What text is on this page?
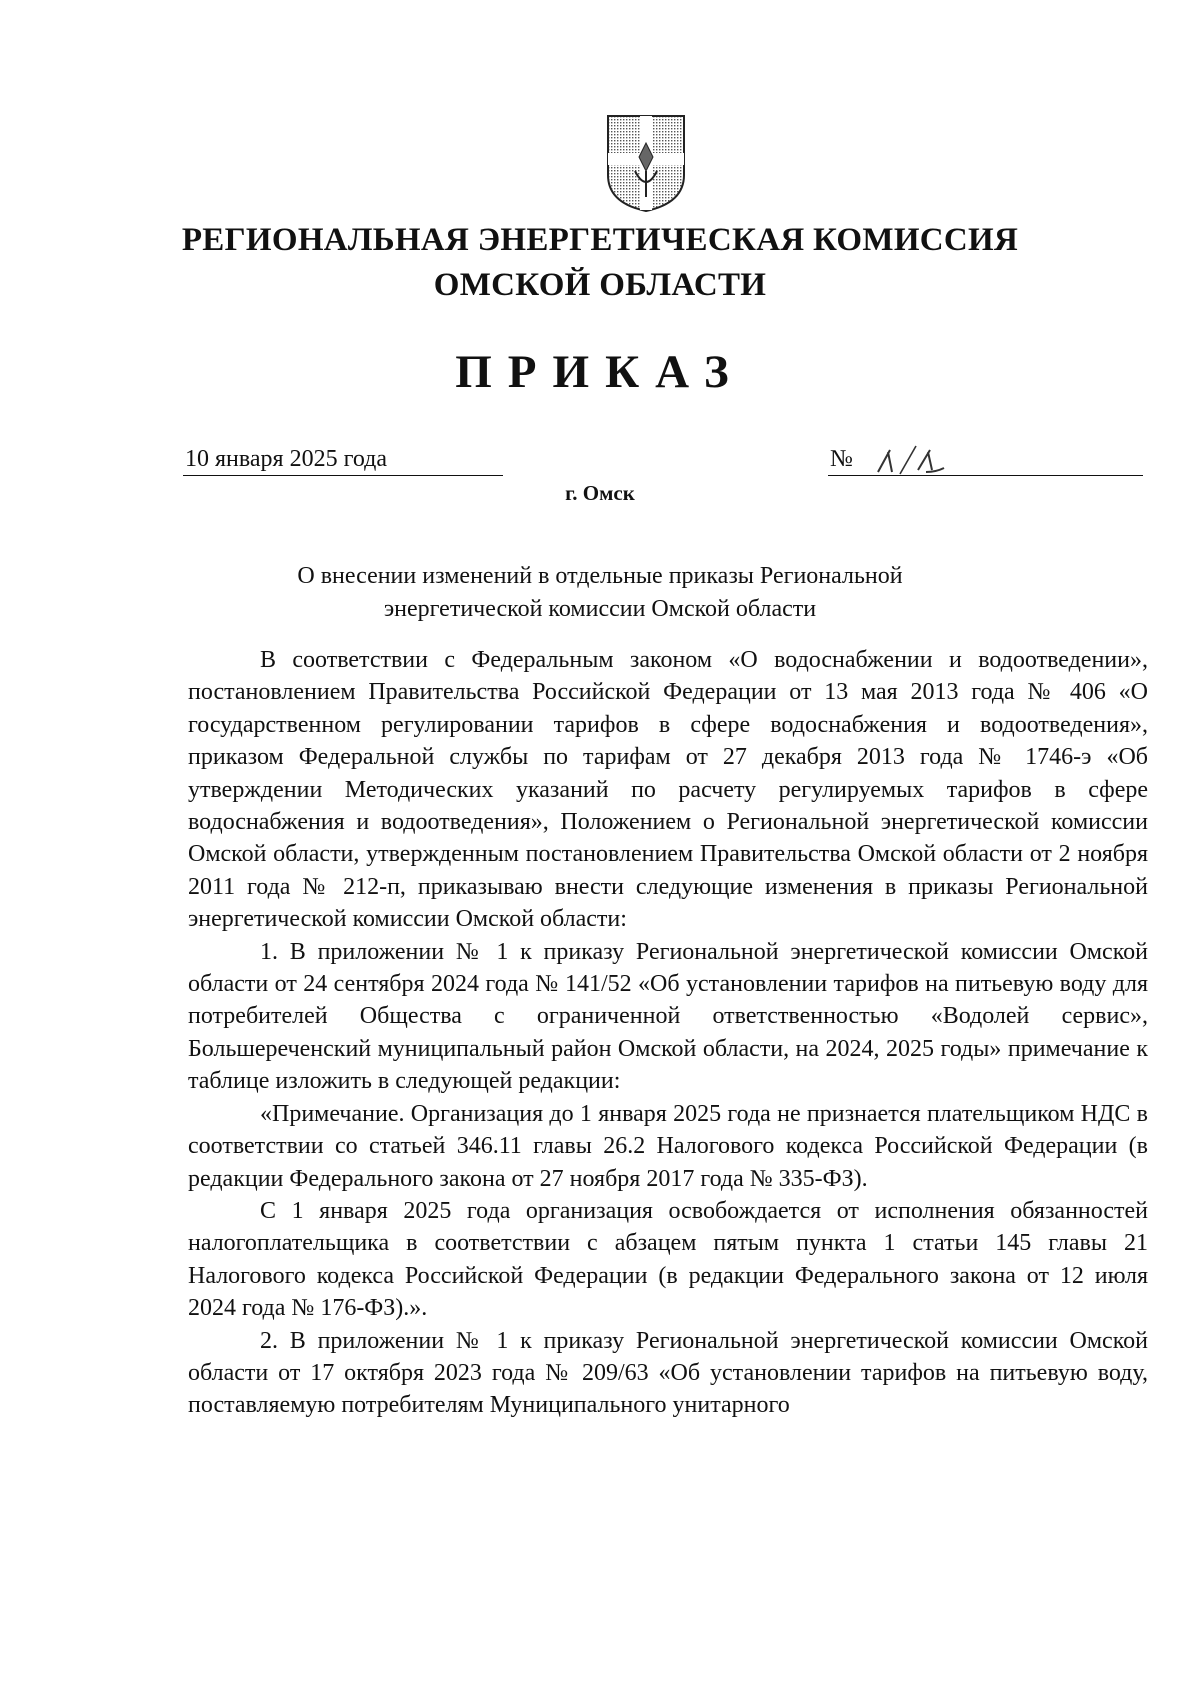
РЕГИОНАЛЬНАЯ ЭНЕРГЕТИЧЕСКАЯ КОМИССИЯ
ОМСКОЙ ОБЛАСТИ
ПРИКАЗ
10 января 2025 года	№
г. Омск
О внесении изменений в отдельные приказы Региональной
энергетической комиссии Омской области

В соответствии с Федеральным законом «О водоснабжении и водоотведении», постановлением Правительства Российской Федерации от 13 мая 2013 года № 406 «О государственном регулировании тарифов в сфере водоснабжения и водоотведения», приказом Федеральной службы по тарифам от 27 декабря 2013 года № 1746-э «Об утверждении Методических указаний по расчету регулируемых тарифов в сфере водоснабжения и водоотведения», Положением о Региональной энергетической комиссии Омской области, утвержденным постановлением Правительства Омской области от 2 ноября 2011 года № 212-п, приказываю внести следующие изменения в приказы Региональной энергетической комиссии Омской области:

1. В приложении № 1 к приказу Региональной энергетической комиссии Омской области от 24 сентября 2024 года № 141/52 «Об установлении тарифов на питьевую воду для потребителей Общества с ограниченной ответственностью «Водолей сервис», Большереченский муниципальный район Омской области, на 2024, 2025 годы» примечание к таблице изложить в следующей редакции:

«Примечание. Организация до 1 января 2025 года не признается плательщиком НДС в соответствии со статьей 346.11 главы 26.2 Налогового кодекса Российской Федерации (в редакции Федерального закона от 27 ноября 2017 года № 335-ФЗ).

С 1 января 2025 года организация освобождается от исполнения обязанностей налогоплательщика в соответствии с абзацем пятым пункта 1 статьи 145 главы 21 Налогового кодекса Российской Федерации (в редакции Федерального закона от 12 июля 2024 года № 176-ФЗ).».

2. В приложении № 1 к приказу Региональной энергетической комиссии Омской области от 17 октября 2023 года № 209/63 «Об установлении тарифов на питьевую воду, поставляемую потребителям Муниципального унитарного
